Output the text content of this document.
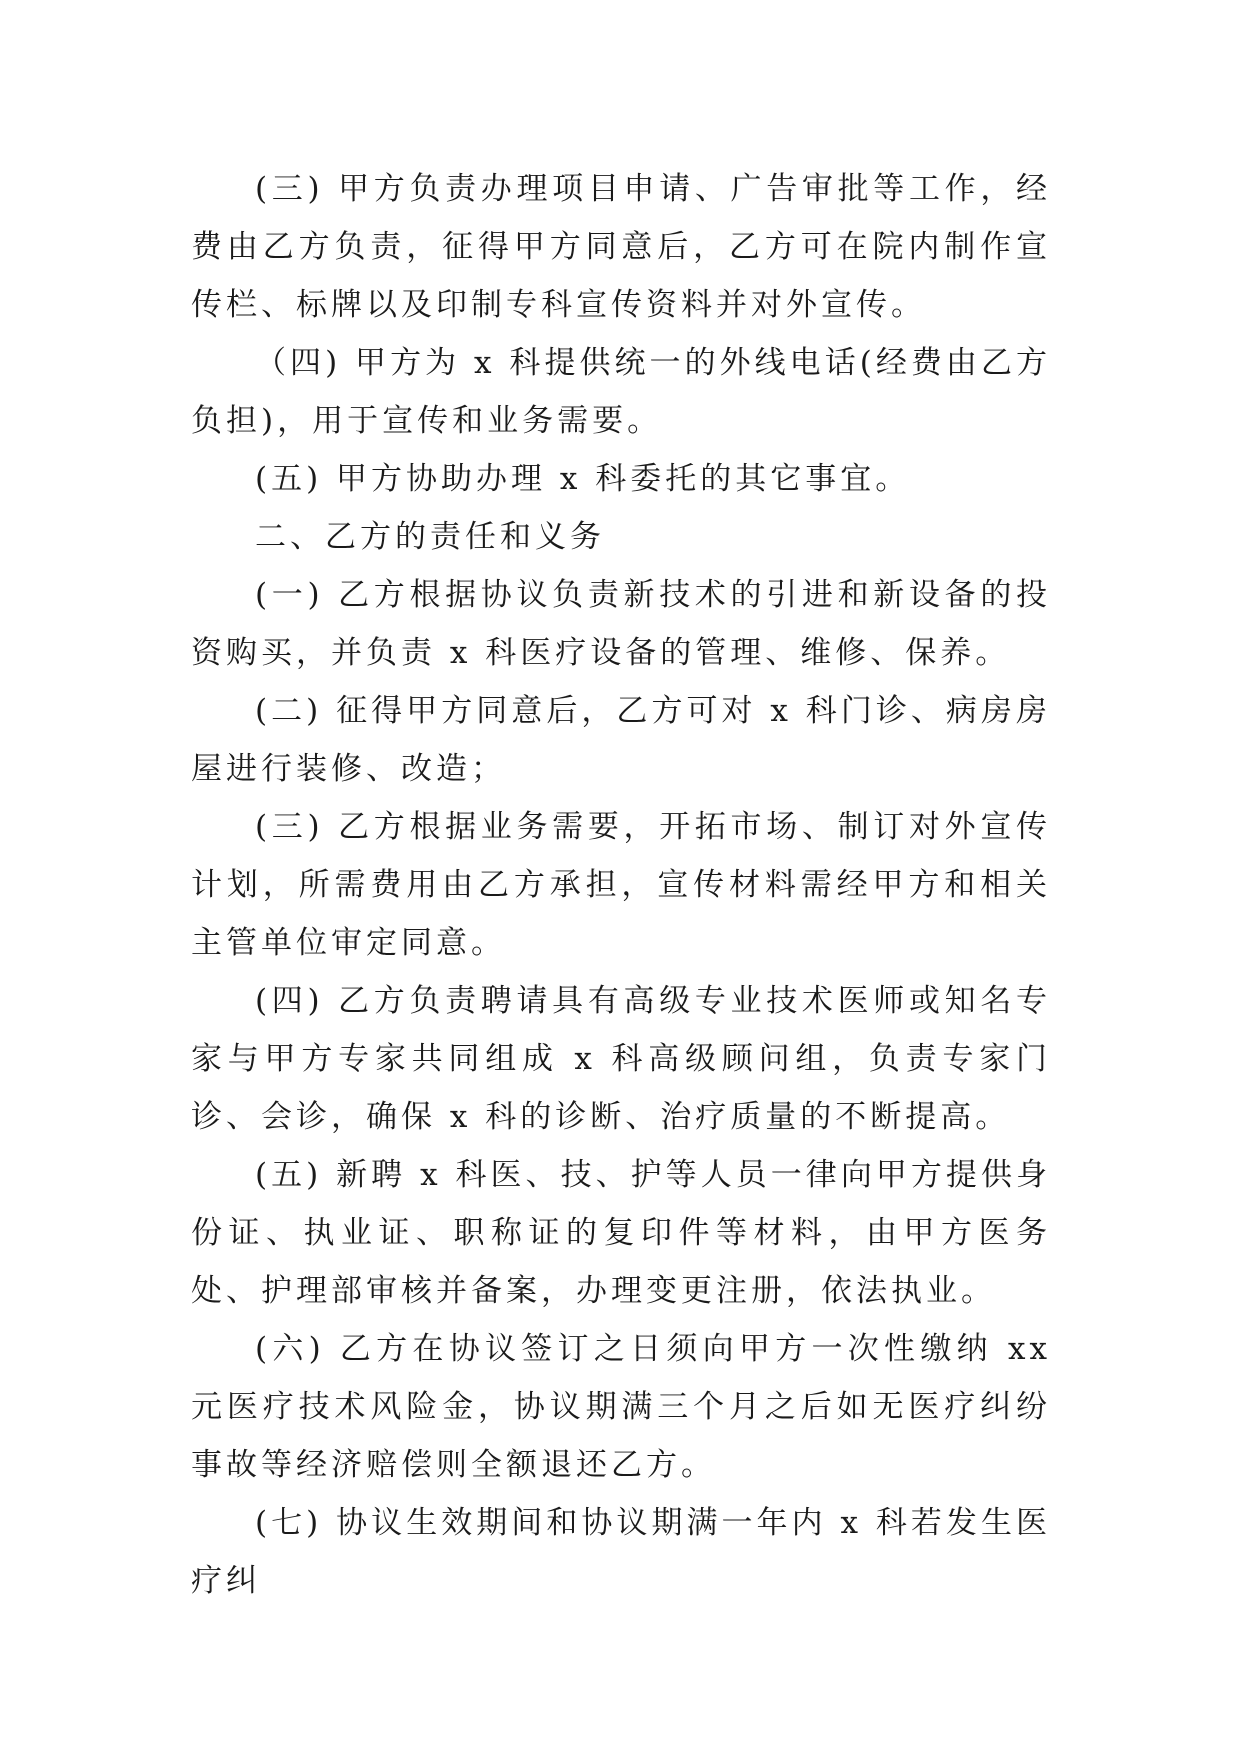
(三) 甲方负责办理项目申请、广告审批等工作，经费由乙方负责，征得甲方同意后，乙方可在院内制作宣传栏、标牌以及印制专科宣传资料并对外宣传。

（四) 甲方为 x 科提供统一的外线电话(经费由乙方负担)，用于宣传和业务需要。

(五) 甲方协助办理 x 科委托的其它事宜。

二、乙方的责任和义务

(一) 乙方根据协议负责新技术的引进和新设备的投资购买，并负责 x 科医疗设备的管理、维修、保养。

(二) 征得甲方同意后，乙方可对 x 科门诊、病房房屋进行装修、改造；

(三) 乙方根据业务需要，开拓市场、制订对外宣传计划，所需费用由乙方承担，宣传材料需经甲方和相关主管单位审定同意。

(四) 乙方负责聘请具有高级专业技术医师或知名专家与甲方专家共同组成 x 科高级顾问组，负责专家门诊、会诊，确保 x 科的诊断、治疗质量的不断提高。

(五) 新聘 x 科医、技、护等人员一律向甲方提供身份证、执业证、职称证的复印件等材料，由甲方医务处、护理部审核并备案，办理变更注册，依法执业。

(六) 乙方在协议签订之日须向甲方一次性缴纳 xx 元医疗技术风险金，协议期满三个月之后如无医疗纠纷事故等经济赔偿则全额退还乙方。

(七) 协议生效期间和协议期满一年内 x 科若发生医疗纠
